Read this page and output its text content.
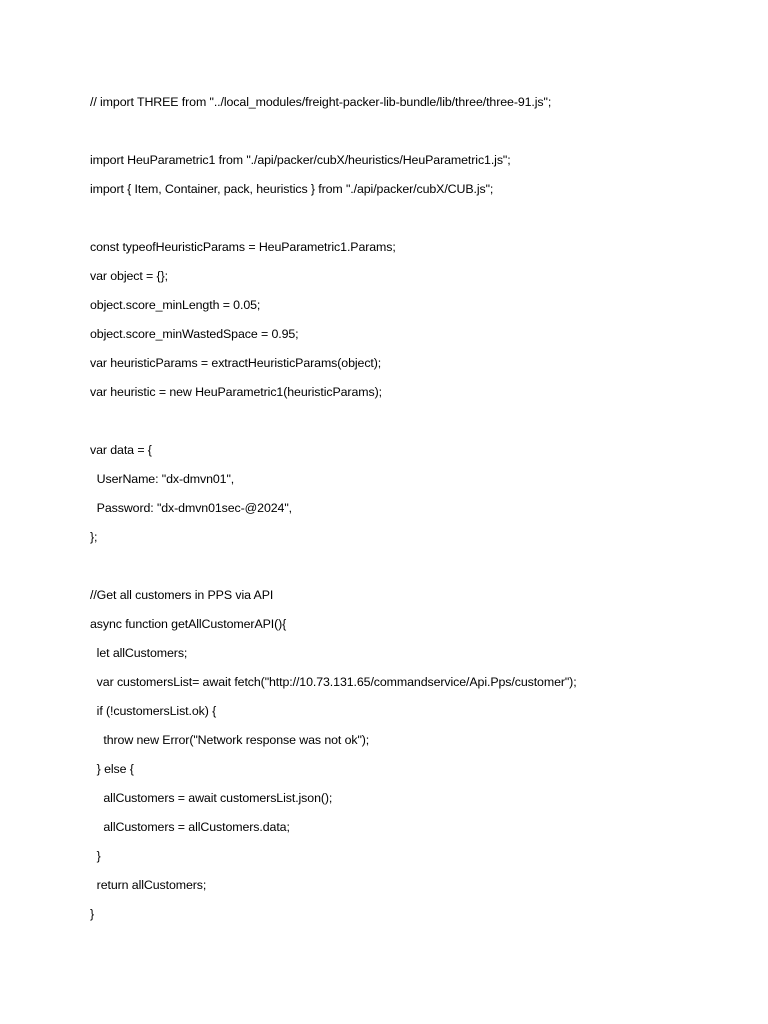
// import THREE from "../local_modules/freight-packer-lib-bundle/lib/three/three-91.js";
import HeuParametric1 from "./api/packer/cubX/heuristics/HeuParametric1.js";
import { Item, Container, pack, heuristics } from "./api/packer/cubX/CUB.js";
const typeofHeuristicParams = HeuParametric1.Params;
var object = {};
object.score_minLength = 0.05;
object.score_minWastedSpace = 0.95;
var heuristicParams = extractHeuristicParams(object);
var heuristic = new HeuParametric1(heuristicParams);
var data = {
UserName: "dx-dmvn01",
Password: "dx-dmvn01sec-@2024",
};
//Get all customers in PPS via API
async function getAllCustomerAPI(){
let allCustomers;
var customersList= await fetch("http://10.73.131.65/commandservice/Api.Pps/customer");
if (!customersList.ok) {
throw new Error("Network response was not ok");
} else {
allCustomers = await customersList.json();
allCustomers = allCustomers.data;
}
return allCustomers;
}
